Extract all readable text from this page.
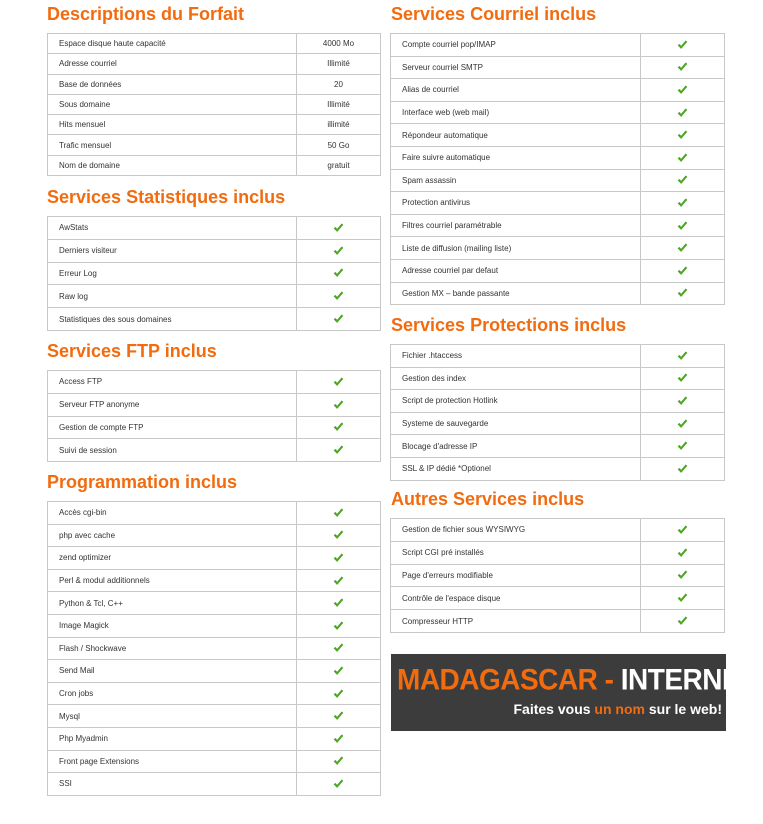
Descriptions du Forfait
Espace disque haute capacité	4000 Mo
Adresse courriel	Illimité
Base de données	20
Sous domaine	Illimité
Hits mensuel	illimité
Trafic mensuel	50 Go
Nom de domaine	gratuit
Services Statistiques inclus
AwStats	
Derniers visiteur	
Erreur Log	
Raw log	
Statistiques des sous domaines	
Services FTP inclus
Access FTP	
Serveur FTP anonyme	
Gestion de compte FTP	
Suivi de session	
Programmation inclus
Accès cgi-bin	
php avec cache	
zend optimizer	
Perl & modul additionnels	
Python & Tcl, C++	
Image Magick	
Flash / Shockwave	
Send Mail	
Cron jobs	
Mysql	
Php Myadmin	
Front page Extensions	
SSI	
Services Courriel inclus
Compte courriel pop/IMAP	
Serveur courriel SMTP	
Alias de courriel	
Interface web (web mail)	
Répondeur automatique	
Faire suivre automatique	
Spam assassin	
Protection antivirus	
Filtres courriel paramétrable	
Liste de diffusion (mailing liste)	
Adresse courriel par defaut	
Gestion MX – bande passante	
Services Protections inclus
Fichier .htaccess	
Gestion des index	
Script de protection Hotlink	
Systeme de sauvegarde	
Blocage d'adresse IP	
SSL & IP dédié *Optionel	
Autres Services inclus
Gestion de fichier sous WYSIWYG	
Script CGI pré installés	
Page d'erreurs modifiable	
Contrôle de l'espace disque	
Compresseur HTTP	
MADAGASCAR - INTERNET
Faites vous un nom sur le web!
